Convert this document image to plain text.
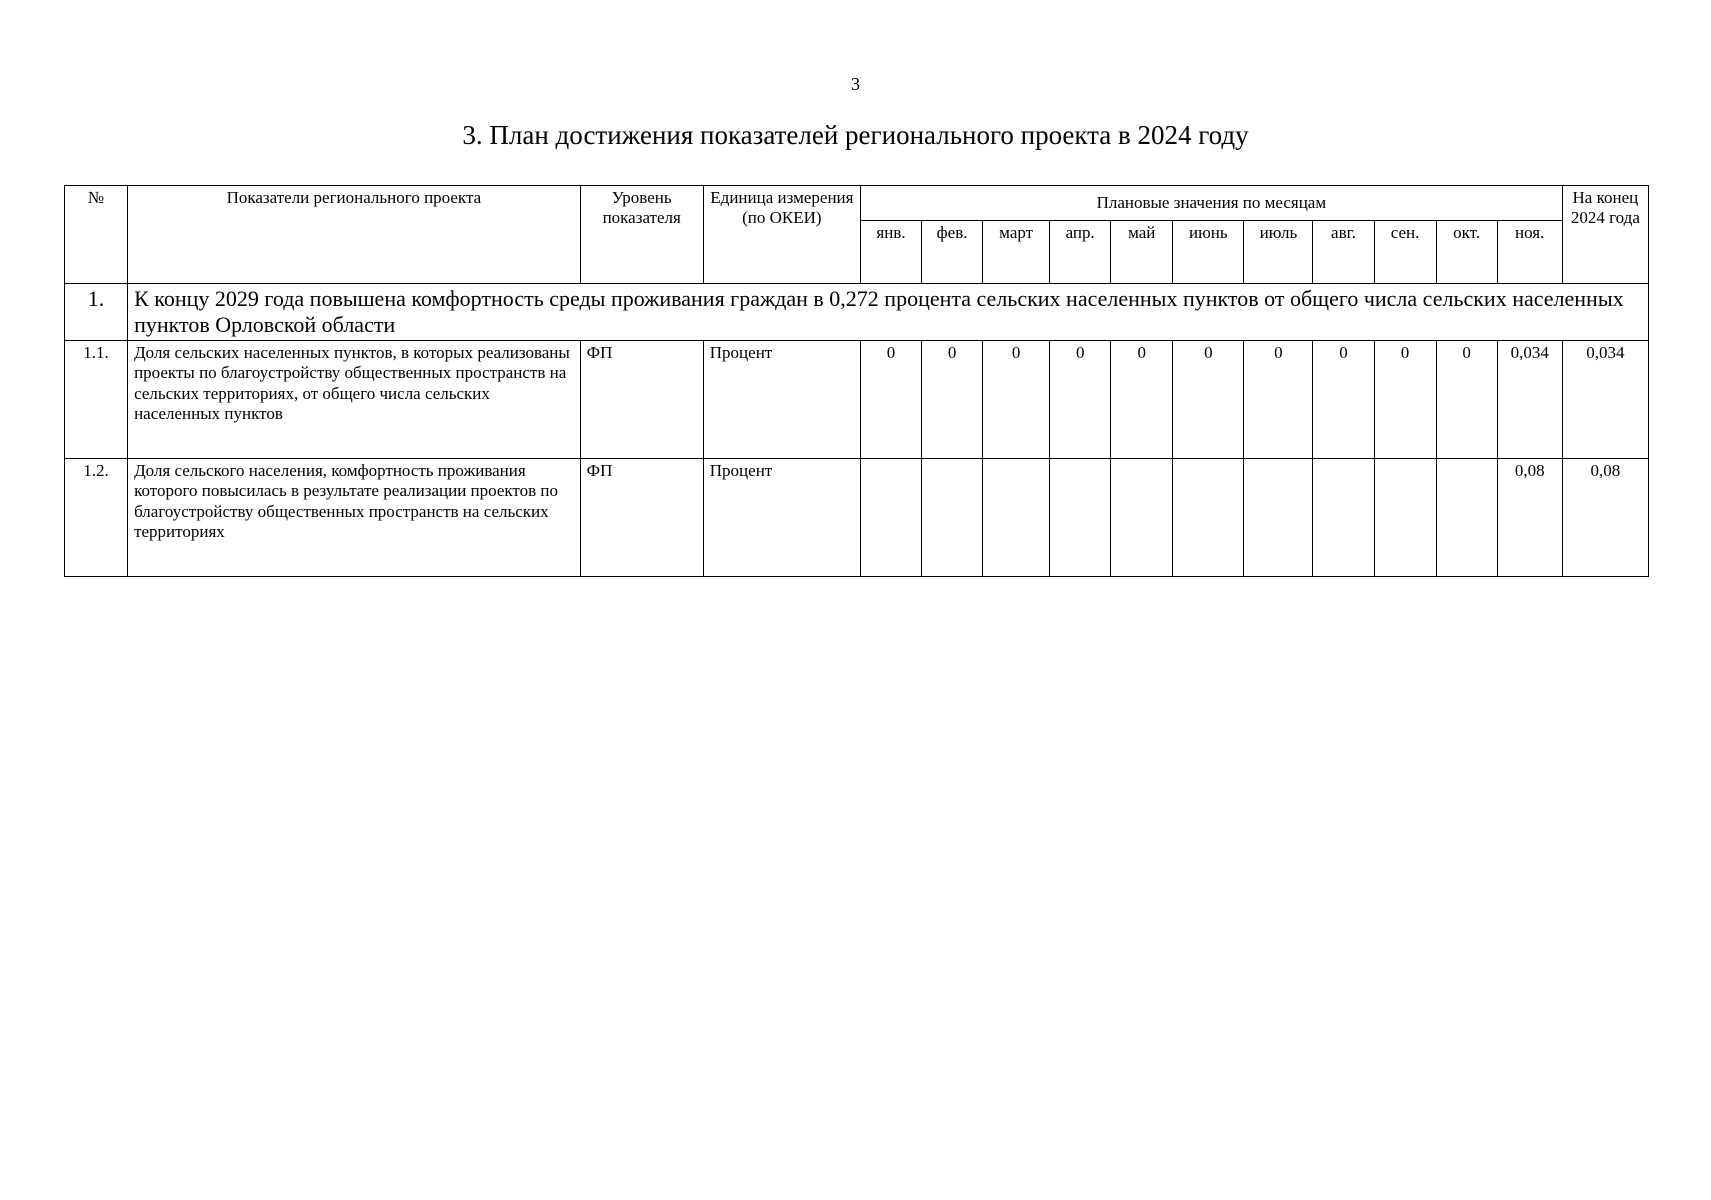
3
3. План достижения показателей регионального проекта в 2024 году
№	Показатели регионального проекта	Уровень показателя	Единица измерения (по ОКЕИ)	Плановые значения по месяцам											На конец 2024 года
				янв.	фев.	март	апр.	май	июнь	июль	авг.	сен.	окт.	ноя.	
1.	К концу 2029 года повышена комфортность среды проживания граждан в 0,272 процента сельских населенных пунктов от общего числа сельских населенных пунктов Орловской области														
1.1.	Доля сельских населенных пунктов, в которых реализованы проекты по благоустройству общественных пространств на сельских территориях, от общего числа сельских населенных пунктов	ФП	Процент	0	0	0	0	0	0	0	0	0	0	0,034	0,034
1.2.	Доля сельского населения, комфортность проживания которого повысилась в результате реализации проектов по благоустройству общественных пространств на сельских территориях	ФП	Процент											0,08	0,08
